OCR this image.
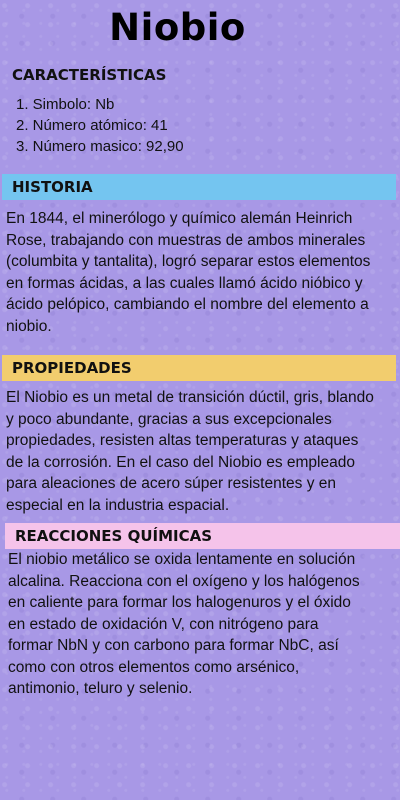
Niobio
CARACTERÍSTICAS
1. Simbolo: Nb
2. Número atómico: 41
3. Número masico: 92,90
HISTORIA
En 1844, el minerólogo y químico alemán Heinrich
Rose, trabajando con muestras de ambos minerales
(columbita y tantalita), logró separar estos elementos
en formas ácidas, a las cuales llamó ácido nióbico y
ácido pelópico, cambiando el nombre del elemento a
niobio.
PROPIEDADES
El Niobio es un metal de transición dúctil, gris, blando
y poco abundante, gracias a sus excepcionales
propiedades, resisten altas temperaturas y ataques
de la corrosión. En el caso del Niobio es empleado
para aleaciones de acero súper resistentes y en
especial en la industria espacial.
REACCIONES QUÍMICAS
El niobio metálico se oxida lentamente en solución
alcalina. Reacciona con el oxígeno y los halógenos
en caliente para formar los halogenuros y el óxido
en estado de oxidación V, con nitrógeno para
formar NbN y con carbono para formar NbC, así
como con otros elementos como arsénico,
antimonio, teluro y selenio.
